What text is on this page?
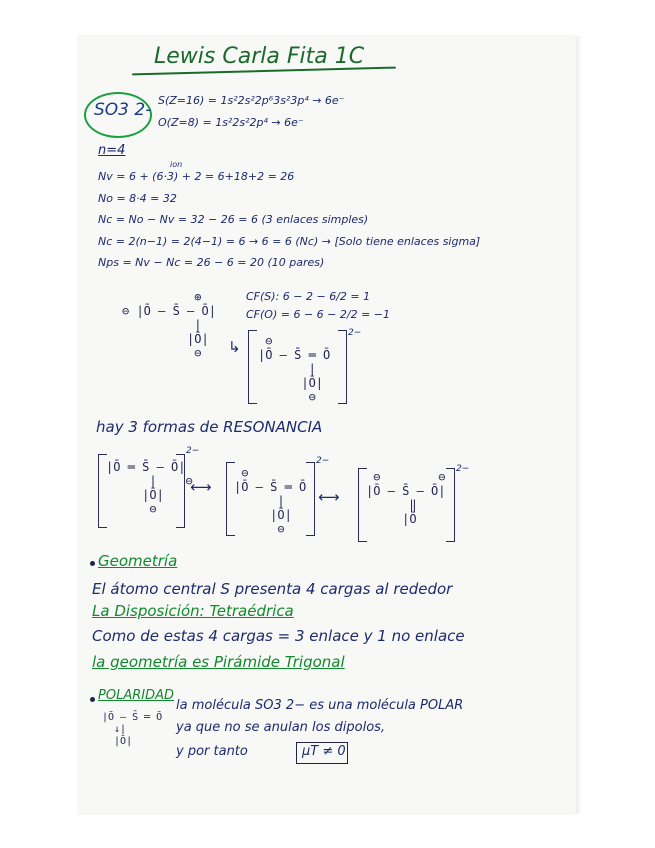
Lewis Carla Fita 1C
SO3 2- S(Z=16) = 1s²2s²2p⁶3s²3p⁴ → 6e⁻
O(Z=8) = 1s²2s²2p⁴ → 6e⁻
n=4
ion
Nv = 6 + (6·3) + 2 = 6+18+2 = 26
No = 8·4 = 32
Nc = No − Nv = 32 − 26 = 6 (3 enlaces simples)
Nc = 2(n−1) = 2(4−1) = 6 → 6 = 6 (Nc) → [Solo tiene enlaces sigma]
Nps = Nv − Nc = 26 − 6 = 20 (10 pares)
⊕
⊖ |Ō — S̄ — Ō|
|
|Ō|
⊖
CF(S): 6 − 2 − 6/2 = 1
CF(O) = 6 − 6 − 2/2 = −1
↳	⊖
|Ō — S̄ ═ Ō
|
|Ō|
⊖
2−
hay 3 formas de RESONANCIA
|Ō ═ S̄ — Ō|
|    ⊖
|Ō|
⊖
2−
⟷
⊖
|Ō — S̄ ═ Ō
|
|Ō|
⊖
2−
⟷
⊖        ⊖
|Ō — S̄ — Ō|
‖
|Ō
2−
Geometría
El átomo central S presenta 4 cargas al rededor
La Disposición: Tetraédrica
Como de estas 4 cargas = 3 enlace y 1 no enlace
la geometría es Pirámide Trigonal
POLARIDAD
|Ō — S̄ ═ Ō
↓|
|Ō|
la molécula SO3 2− es una molécula POLAR
ya que no se anulan los dipolos,
y por tanto	μT ≠ 0
